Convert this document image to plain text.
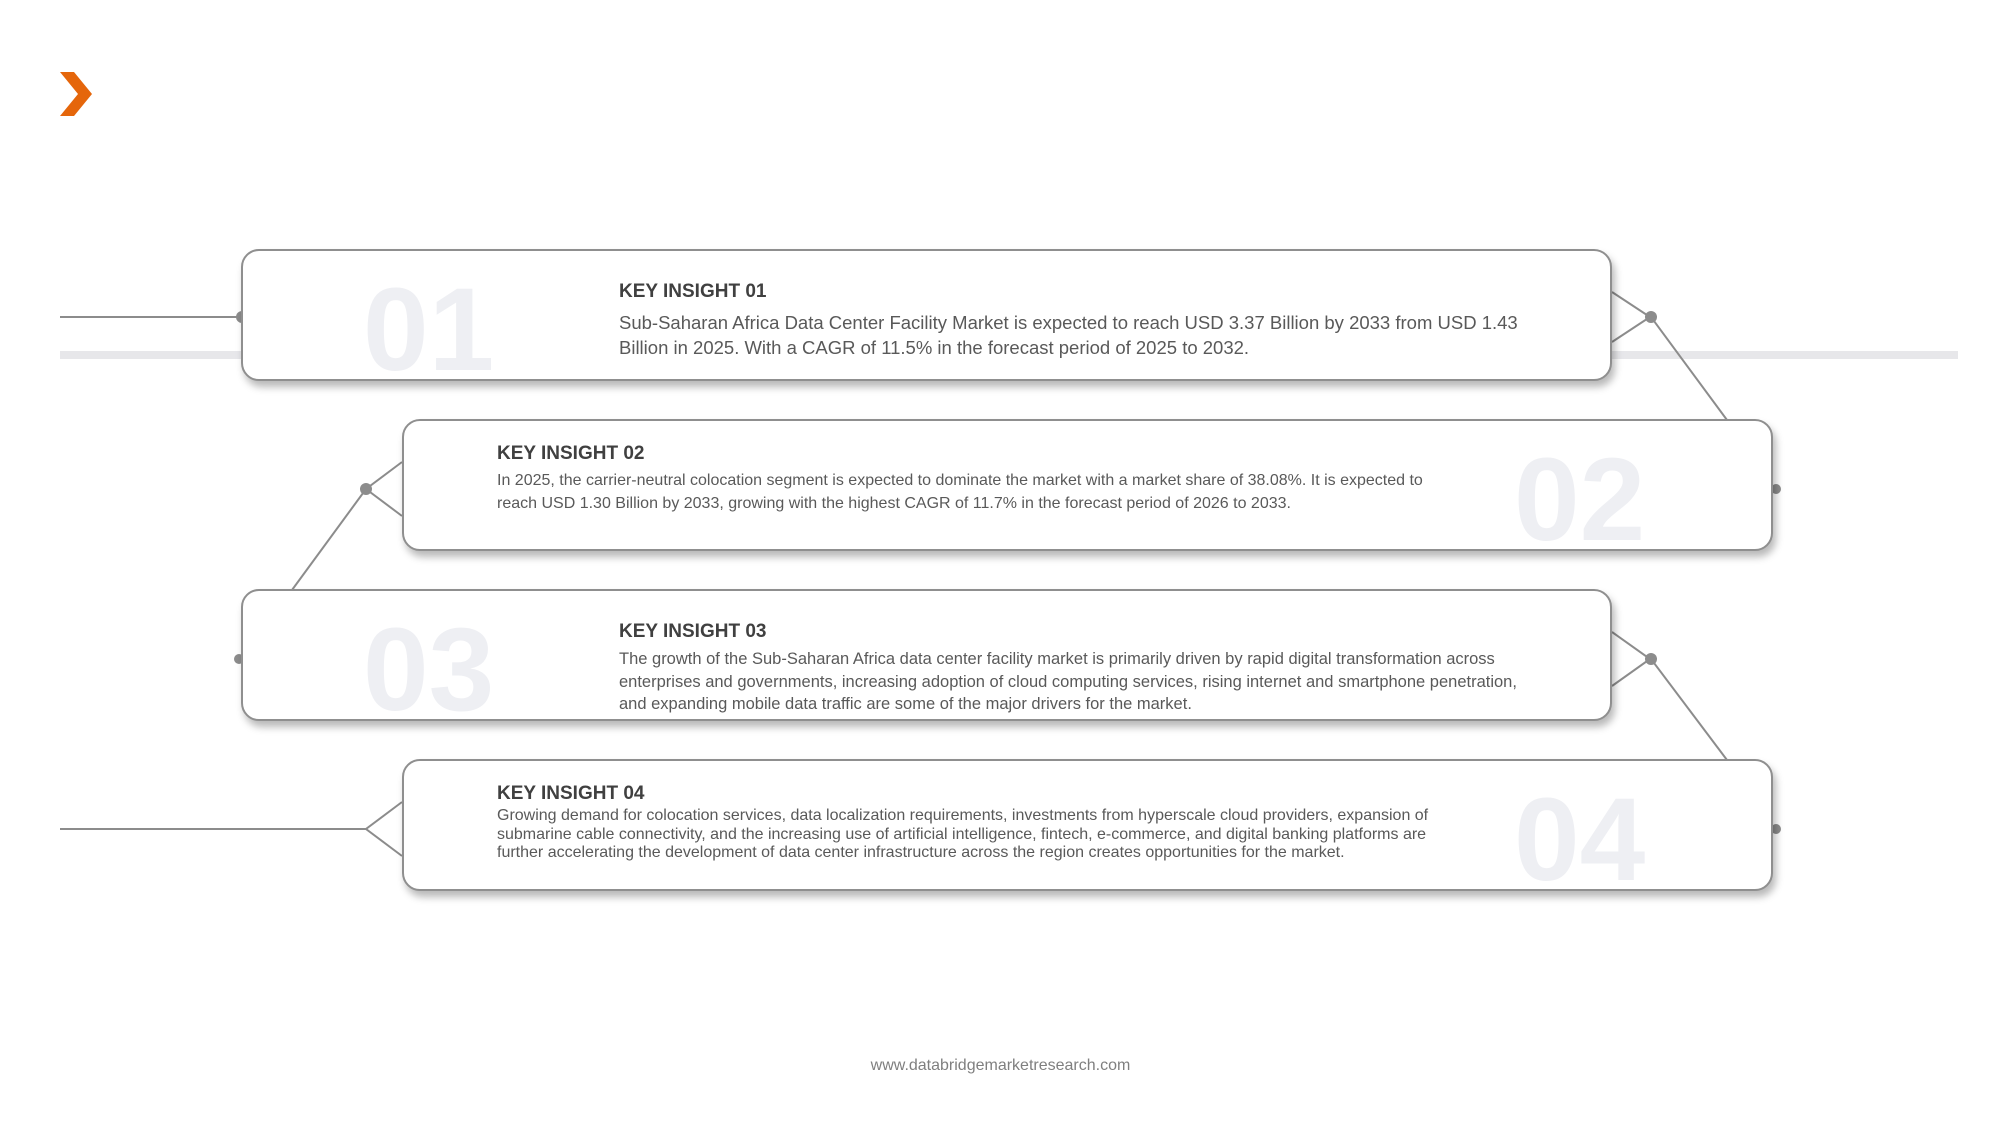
01	KEY INSIGHT 01
Sub-Saharan Africa Data Center Facility Market is expected to reach USD 3.37 Billion by 2033 from USD 1.43 Billion in 2025. With a CAGR of 11.5% in the forecast period of 2025 to 2032.
02
KEY INSIGHT 02
In 2025, the carrier-neutral colocation segment is expected to dominate the market with a market share of 38.08%. It is expected to reach USD 1.30 Billion by 2033, growing with the highest CAGR of 11.7% in the forecast period of 2026 to 2033.
03	KEY INSIGHT 03
The growth of the Sub-Saharan Africa data center facility market is primarily driven by rapid digital transformation across enterprises and governments, increasing adoption of cloud computing services, rising internet and smartphone penetration, and expanding mobile data traffic are some of the major drivers for the market.
04
KEY INSIGHT 04
Growing demand for colocation services, data localization requirements, investments from hyperscale cloud providers, expansion of submarine cable connectivity, and the increasing use of artificial intelligence, fintech, e-commerce, and digital banking platforms are further accelerating the development of data center infrastructure across the region creates opportunities for the market.
www.databridgemarketresearch.com
